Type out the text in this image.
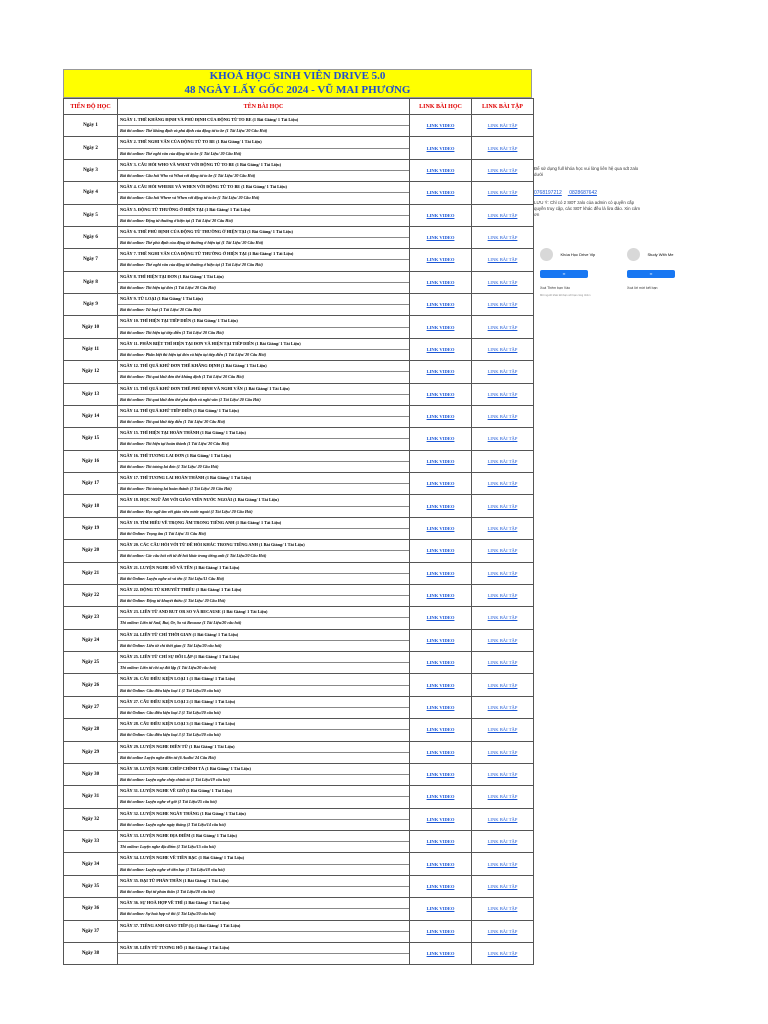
KHOÁ HỌC SINH VIÊN DRIVE 5.0
48 NGÀY LẤY GỐC 2024 - VŨ MAI PHƯƠNG
TIẾN ĐỘ HỌC	TÊN BÀI HỌC	LINK BÀI HỌC	LINK BÀI TẬP
Ngày 1	NGÀY 1. THỂ KHẲNG ĐỊNH VÀ PHỦ ĐỊNH CỦA ĐỘNG TỪ TO BE (1 Bài Giảng/ 1 Tài Liệu)
Bài thi online: Thể khẳng định và phủ định của động từ to be (1 Tài Liệu/ 20 Câu Hỏi)	LINK VIDEO	LINK BÀI TẬP
Ngày 2	NGÀY 2. THỂ NGHI VẤN CỦA ĐỘNG TỪ TO BE (1 Bài Giảng/ 1 Tài Liệu)
Bài thi online: Thể nghi vấn của động từ to be (1 Tài Liệu/ 20 Câu Hỏi)	LINK VIDEO	LINK BÀI TẬP
Ngày 3	NGÀY 3. CÂU HỎI WHO VÀ WHAT VỚI ĐỘNG TỪ TO BE (1 Bài Giảng/ 1 Tài Liệu)
Bài thi online: Câu hỏi Who và What với động từ to be (1 Tài Liệu/ 20 Câu Hỏi)	LINK VIDEO	LINK BÀI TẬP
Ngày 4	NGÀY 4. CÂU HỎI WHERE VÀ WHEN VỚI ĐỘNG TỪ TO BE (1 Bài Giảng/ 1 Tài Liệu)
Bài thi online: Câu hỏi Where và When với động từ to be (1 Tài Liệu/ 20 Câu Hỏi)	LINK VIDEO	LINK BÀI TẬP
Ngày 5	NGÀY 5. ĐỘNG TỪ THƯỜNG Ở HIỆN TẠI (1 Bài Giảng/ 1 Tài Liệu)
Bài thi online: Động từ thường ở hiện tại (1 Tài Liệu/ 20 Câu Hỏi)	LINK VIDEO	LINK BÀI TẬP
Ngày 6	NGÀY 6. THỂ PHỦ ĐỊNH CỦA ĐỘNG TỪ THƯỜNG Ở HIỆN TẠI (1 Bài Giảng/ 1 Tài Liệu)
Bài thi online: Thể phủ định của động từ thường ở hiện tại (1 Tài Liệu/ 20 Câu Hỏi)	LINK VIDEO	LINK BÀI TẬP
Ngày 7	NGÀY 7. THỂ NGHI VẤN CỦA ĐỘNG TỪ THƯỜNG Ở HIỆN TẠI (1 Bài Giảng/ 1 Tài Liệu)
Bài thi online: Thể nghi vấn của động từ thường ở hiện tại (1 Tài Liệu/ 20 Câu Hỏi)	LINK VIDEO	LINK BÀI TẬP
Ngày 8	NGÀY 8. THÌ HIỆN TẠI ĐƠN (1 Bài Giảng/ 1 Tài Liệu)
Bài thi online: Thì hiện tại đơn (1 Tài Liệu/ 20 Câu Hỏi)	LINK VIDEO	LINK BÀI TẬP
Ngày 9	NGÀY 9. TỪ LOẠI (1 Bài Giảng/ 1 Tài Liệu)
Bài thi online: Từ loại (1 Tài Liệu/ 20 Câu Hỏi)	LINK VIDEO	LINK BÀI TẬP
Ngày 10	NGÀY 10. THÌ HIỆN TẠI TIẾP DIỄN (1 Bài Giảng/ 1 Tài Liệu)
Bài thi online: Thì hiện tại tiếp diễn (1 Tài Liệu/ 20 Câu Hỏi)	LINK VIDEO	LINK BÀI TẬP
Ngày 11	NGÀY 11. PHÂN BIỆT THÌ HIỆN TẠI ĐƠN VÀ HIỆN TẠI TIẾP DIỄN (1 Bài Giảng/ 1 Tài Liệu)
Bài thi online: Phân biệt thì hiện tại đơn và hiện tại tiếp diễn (1 Tài Liệu/ 20 Câu Hỏi)	LINK VIDEO	LINK BÀI TẬP
Ngày 12	NGÀY 12. THÌ QUÁ KHỨ ĐƠN THỂ KHẲNG ĐỊNH (1 Bài Giảng/ 1 Tài Liệu)
Bài thi online: Thì quá khứ đơn thể khẳng định (1 Tài Liệu/ 20 Câu Hỏi)	LINK VIDEO	LINK BÀI TẬP
Ngày 13	NGÀY 13. THÌ QUÁ KHỨ ĐƠN THỂ PHỦ ĐỊNH VÀ NGHI VẤN (1 Bài Giảng/ 1 Tài Liệu)
Bài thi online: Thì quá khứ đơn thể phủ định và nghi vấn (1 Tài Liệu/ 20 Câu Hỏi)	LINK VIDEO	LINK BÀI TẬP
Ngày 14	NGÀY 14. THÌ QUÁ KHỨ TIẾP DIỄN (1 Bài Giảng/ 1 Tài Liệu)
Bài thi online: Thì quá khứ tiếp diễn (1 Tài Liệu/ 20 Câu Hỏi)	LINK VIDEO	LINK BÀI TẬP
Ngày 15	NGÀY 15. THÌ HIỆN TẠI HOÀN THÀNH (1 Bài Giảng/ 1 Tài Liệu)
Bài thi online: Thì hiện tại hoàn thành (1 Tài Liệu/ 20 Câu Hỏi)	LINK VIDEO	LINK BÀI TẬP
Ngày 16	NGÀY 16. THÌ TƯƠNG LAI ĐƠN (1 Bài Giảng/ 1 Tài Liệu)
Bài thi online: Thì tương lai đơn (1 Tài Liệu/ 20 Câu Hỏi)	LINK VIDEO	LINK BÀI TẬP
Ngày 17	NGÀY 17. THÌ TƯƠNG LAI HOÀN THÀNH (1 Bài Giảng/ 1 Tài Liệu)
Bài thi online: Thì tương lai hoàn thành (1 Tài Liệu/ 20 Câu Hỏi)	LINK VIDEO	LINK BÀI TẬP
Ngày 18	NGÀY 18. HỌC NGỮ ÂM VỚI GIÁO VIÊN NƯỚC NGOÀI (1 Bài Giảng/ 1 Tài Liệu)
Bài thi online: Học ngữ âm với giáo viên nước ngoài (1 Tài Liệu/ 20 Câu Hỏi)	LINK VIDEO	LINK BÀI TẬP
Ngày 19	NGÀY 19. TÌM HIỂU VỀ TRỌNG ÂM TRONG TIẾNG ANH (1 Bài Giảng/ 1 Tài Liệu)
Bài thi Online: Trọng âm (1 Tài Liệu/ 15 Câu Hỏi)	LINK VIDEO	LINK BÀI TẬP
Ngày 20	NGÀY 20. CÁC CÂU HỎI VỚI TỪ ĐỂ HỎI KHÁC TRONG TIẾNG ANH (1 Bài Giảng/ 1 Tài Liệu)
Bài thi online: Các câu hỏi với từ để hỏi khác trong tiếng anh (1 Tài Liệu/20 Câu Hỏi)	LINK VIDEO	LINK BÀI TẬP
Ngày 21	NGÀY 21. LUYỆN NGHE SỐ VÀ TÊN (1 Bài Giảng/ 1 Tài Liệu)
Bài thi Online: Luyện nghe số và tên (1 Tài Liệu/11 Câu Hỏi)	LINK VIDEO	LINK BÀI TẬP
Ngày 22	NGÀY 22. ĐỘNG TỪ KHUYẾT THIẾU (1 Bài Giảng/ 1 Tài Liệu)
Bài thi Online: Động từ khuyết thiếu (1 Tài Liệu/ 20 Câu Hỏi)	LINK VIDEO	LINK BÀI TẬP
Ngày 23	NGÀY 23. LIÊN TỪ AND BUT OR SO VÀ BECAUSE (1 Bài Giảng/ 1 Tài Liệu)
Thi online: Liên từ And, But, Or, So và Because (1 Tài Liệu/20 câu hỏi)	LINK VIDEO	LINK BÀI TẬP
Ngày 24	NGÀY 24. LIÊN TỪ CHỈ THỜI GIAN (1 Bài Giảng/ 1 Tài Liệu)
Bài thi Online: Liên từ chỉ thời gian (1 Tài Liệu/20 câu hỏi)	LINK VIDEO	LINK BÀI TẬP
Ngày 25	NGÀY 25. LIÊN TỪ CHỈ SỰ ĐỐI LẬP (1 Bài Giảng/ 1 Tài Liệu)
Thi online: Liên từ chỉ sự đối lập (1 Tài Liệu/20 câu hỏi)	LINK VIDEO	LINK BÀI TẬP
Ngày 26	NGÀY 26. CÂU ĐIỀU KIỆN LOẠI 1 (1 Bài Giảng/ 1 Tài Liệu)
Bài thi Online: Câu điều kiện loại 1 (1 Tài Liệu/20 câu hỏi)	LINK VIDEO	LINK BÀI TẬP
Ngày 27	NGÀY 27. CÂU ĐIỀU KIỆN LOẠI 2 (1 Bài Giảng/ 1 Tài Liệu)
Bài thi Online: Câu điều kiện loại 2 (1 Tài Liệu/20 câu hỏi)	LINK VIDEO	LINK BÀI TẬP
Ngày 28	NGÀY 28. CÂU ĐIỀU KIỆN LOẠI 3 (1 Bài Giảng/ 1 Tài Liệu)
Bài thi Online: Câu điều kiện loại 3 (1 Tài Liệu/20 câu hỏi)	LINK VIDEO	LINK BÀI TẬP
Ngày 29	NGÀY 29. LUYỆN NGHE ĐIỀN TỪ (1 Bài Giảng/ 1 Tài Liệu)
Bài thi online Luyện nghe điền từ (6 Audio/ 24 Câu Hỏi)	LINK VIDEO	LINK BÀI TẬP
Ngày 30	NGÀY 30. LUYỆN NGHE CHÉP CHÍNH TẢ (1 Bài Giảng/ 1 Tài Liệu)
Bài thi online: Luyện nghe chép chính tả (1 Tài Liệu/19 câu hỏi)	LINK VIDEO	LINK BÀI TẬP
Ngày 31	NGÀY 31. LUYỆN NGHE VỀ GIỜ (1 Bài Giảng/ 1 Tài Liệu)
Bài thi online: Luyện nghe về giờ (1 Tài Liệu/25 câu hỏi)	LINK VIDEO	LINK BÀI TẬP
Ngày 32	NGÀY 32. LUYỆN NGHE NGÀY THÁNG (1 Bài Giảng/ 1 Tài Liệu)
Bài thi online: Luyện nghe ngày tháng (1 Tài Liệu/14 câu hỏi)	LINK VIDEO	LINK BÀI TẬP
Ngày 33	NGÀY 33. LUYỆN NGHE ĐỊA ĐIỂM (1 Bài Giảng/ 1 Tài Liệu)
Thi online: Luyện nghe địa điểm (1 Tài Liệu/15 câu hỏi)	LINK VIDEO	LINK BÀI TẬP
Ngày 34	NGÀY 34. LUYỆN NGHE VỀ TIỀN BẠC (1 Bài Giảng/ 1 Tài Liệu)
Bài thi online: Luyện nghe về tiền bạc (1 Tài Liệu/18 câu hỏi)	LINK VIDEO	LINK BÀI TẬP
Ngày 35	NGÀY 35. ĐẠI TỪ PHẢN THÂN (1 Bài Giảng/ 1 Tài Liệu)
Bài thi online: Đại từ phản thân (1 Tài Liệu/20 câu hỏi)	LINK VIDEO	LINK BÀI TẬP
Ngày 36	NGÀY 36. SỰ HOÀ HỢP VỀ THÌ (1 Bài Giảng/ 1 Tài Liệu)
Bài thi online: Sự hoà hợp về thì (1 Tài Liệu/20 câu hỏi)	LINK VIDEO	LINK BÀI TẬP
Ngày 37	NGÀY 37. TIẾNG ANH GIAO TIẾP (1) (1 Bài Giảng/ 1 Tài Liệu)	LINK VIDEO	LINK BÀI TẬP
Ngày 38	NGÀY 38. LIÊN TỪ TƯƠNG HỖ (1 Bài Giảng/ 1 Tài Liệu)	LINK VIDEO	LINK BÀI TẬP
Để sử dụng full khóa học vui lòng liên hệ qua sdt zalo dưới
0768197212 0828687642
LƯU Ý: Chỉ có 2 SĐT zalo của admin có quyền cấp quyền truy cập, các SĐT khác đều là lừa đảo. Xin cảm ơn
Khóa Học Drive Vip
✉
Xoá Thêm bạn Vào
Mời người khác kết bạn với bạn cùng nhóm
Study With Me
✉
Xoá lời mời kết bạn
